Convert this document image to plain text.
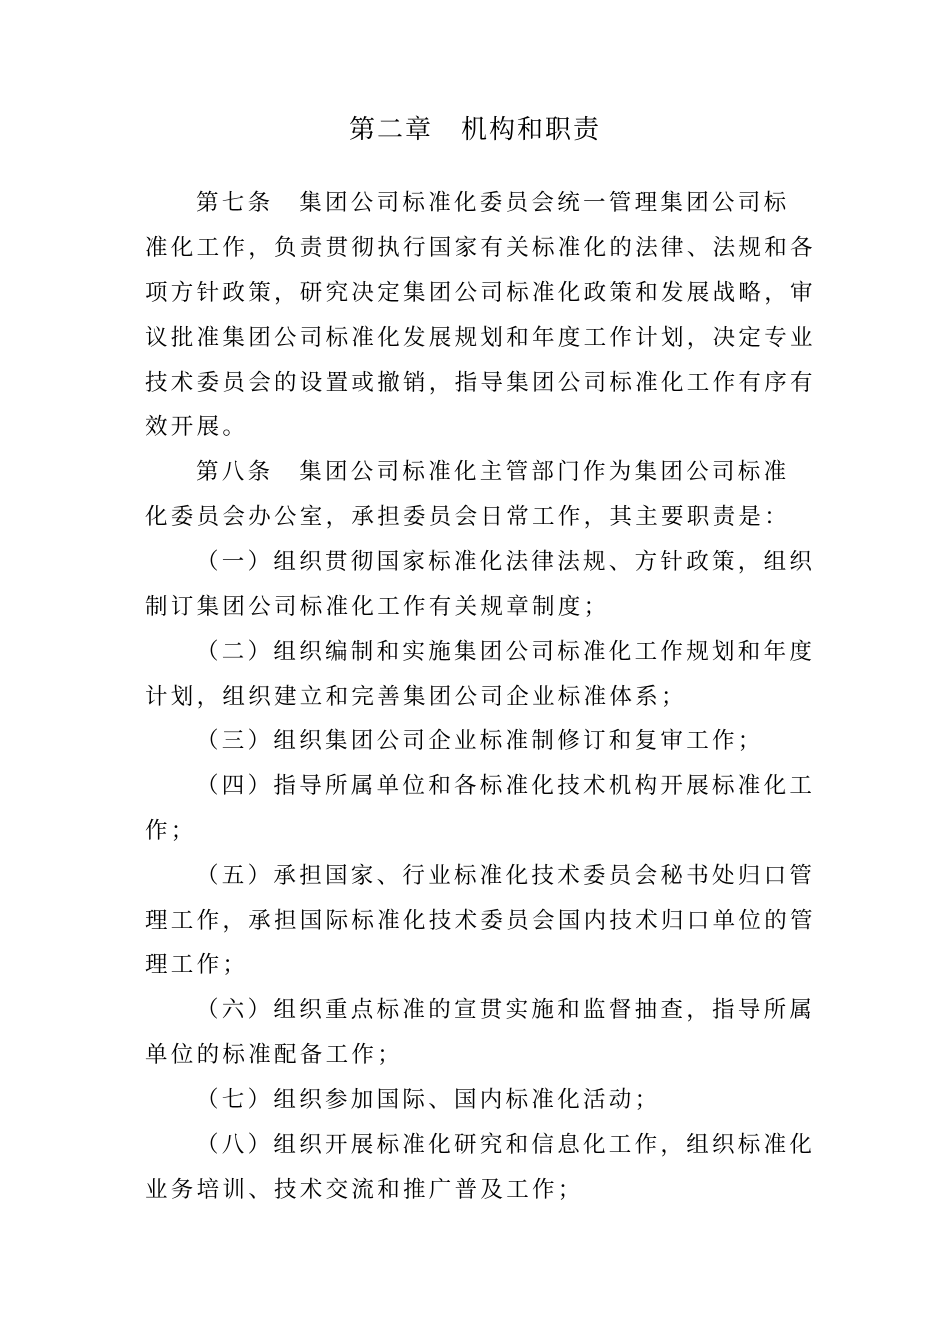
第二章　机构和职责
第七条　集团公司标准化委员会统一管理集团公司标
准化工作，负责贯彻执行国家有关标准化的法律、法规和各
项方针政策，研究决定集团公司标准化政策和发展战略，审
议批准集团公司标准化发展规划和年度工作计划，决定专业
技术委员会的设置或撤销，指导集团公司标准化工作有序有
效开展。
第八条　集团公司标准化主管部门作为集团公司标准
化委员会办公室，承担委员会日常工作，其主要职责是：
（一）组织贯彻国家标准化法律法规、方针政策，组织
制订集团公司标准化工作有关规章制度；
（二）组织编制和实施集团公司标准化工作规划和年度
计划，组织建立和完善集团公司企业标准体系；
（三）组织集团公司企业标准制修订和复审工作；
（四）指导所属单位和各标准化技术机构开展标准化工
作；
（五）承担国家、行业标准化技术委员会秘书处归口管
理工作，承担国际标准化技术委员会国内技术归口单位的管
理工作；
（六）组织重点标准的宣贯实施和监督抽查，指导所属
单位的标准配备工作；
（七）组织参加国际、国内标准化活动；
（八）组织开展标准化研究和信息化工作，组织标准化
业务培训、技术交流和推广普及工作；
